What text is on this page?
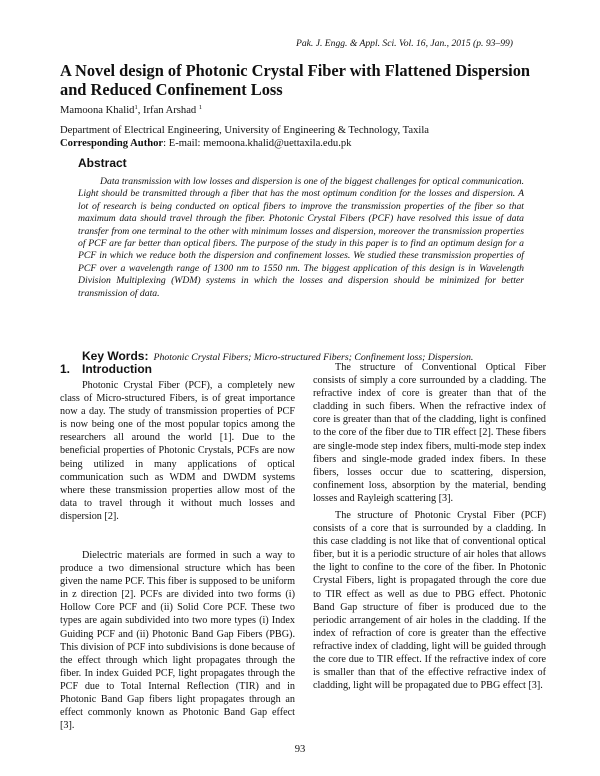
Pak. J. Engg. & Appl. Sci. Vol. 16, Jan., 2015 (p. 93–99)
A Novel design of Photonic Crystal Fiber with Flattened Dispersion and Reduced Confinement Loss
Mamoona Khalid$^1$, Irfan Arshad $^1$
Department of Electrical Engineering, University of Engineering & Technology, Taxila
Corresponding Author: E-mail: memoona.khalid@uettaxila.edu.pk
Abstract
Data transmission with low losses and dispersion is one of the biggest challenges for optical communication. Light should be transmitted through a fiber that has the most optimum condition for the losses and dispersion. A lot of research is being conducted on optical fibers to improve the transmission properties of the fiber so that maximum data should travel through the fiber. Photonic Crystal Fibers (PCF) have resolved this issue of data transfer from one terminal to the other with minimum losses and dispersion, moreover the transmission properties of PCF are far better than optical fibers. The purpose of the study in this paper is to find an optimum design for a PCF in which we reduce both the dispersion and confinement losses. We studied these transmission properties of PCF over a wavelength range of 1300 nm to 1550 nm. The biggest application of this design is in Wavelength Division Multiplexing (WDM) systems in which the losses and dispersion should be minimized for better transmission of data.
Key Words: Photonic Crystal Fibers; Micro-structured Fibers; Confinement loss; Dispersion.
1. Introduction

Photonic Crystal Fiber (PCF), a completely new class of Micro-structured Fibers, is of great importance now a day. The study of transmission properties of PCF is now being one of the most popular topics among the researchers all around the world [1]. Due to the beneficial properties of Photonic Crystals, PCFs are now being utilized in many applications of optical communication such as WDM and DWDM systems where these transmission properties allow most of the data to travel through it without much losses and dispersion [2].

Dielectric materials are formed in such a way to produce a two dimensional structure which has been given the name PCF. This fiber is supposed to be uniform in z direction [2]. PCFs are divided into two forms (i) Hollow Core PCF and (ii) Solid Core PCF. These two types are again subdivided into two more types (i) Index Guiding PCF and (ii) Photonic Band Gap Fibers (PBG). This division of PCF into subdivisions is done because of the effect through which light propagates through the fiber. In index Guided PCF, light propagates through the PCF due to Total Internal Reflection (TIR) and in Photonic Band Gap fibers light propagates through an effect commonly known as Photonic Band Gap effect [3].

The structure of Conventional Optical Fiber consists of simply a core surrounded by a cladding. The refractive index of core is greater than that of the cladding in such fibers. When the refractive index of core is greater than that of the cladding, light is confined to the core of the fiber due to TIR effect [2]. These fibers are single-mode step index fibers, multi-mode step index fibers and single-mode graded index fibers. In these fibers, losses occur due to scattering, dispersion, confinement loss, absorption by the material, bending losses and Rayleigh scattering [3].

The structure of Photonic Crystal Fiber (PCF) consists of a core that is surrounded by a cladding. In this case cladding is not like that of conventional optical fiber, but it is a periodic structure of air holes that allows the light to confine to the core of the fiber. In Photonic Crystal Fibers, light is propagated through the core due to TIR effect as well as due to PBG effect. Photonic Band Gap structure of fiber is produced due to the periodic arrangement of air holes in the cladding. If the index of refraction of core is greater than the effective refractive index of cladding, light will be guided through the core due to TIR effect. If the refractive index of core is smaller than that of the effective refractive index of cladding, light will be propagated due to PBG effect [3].

93
